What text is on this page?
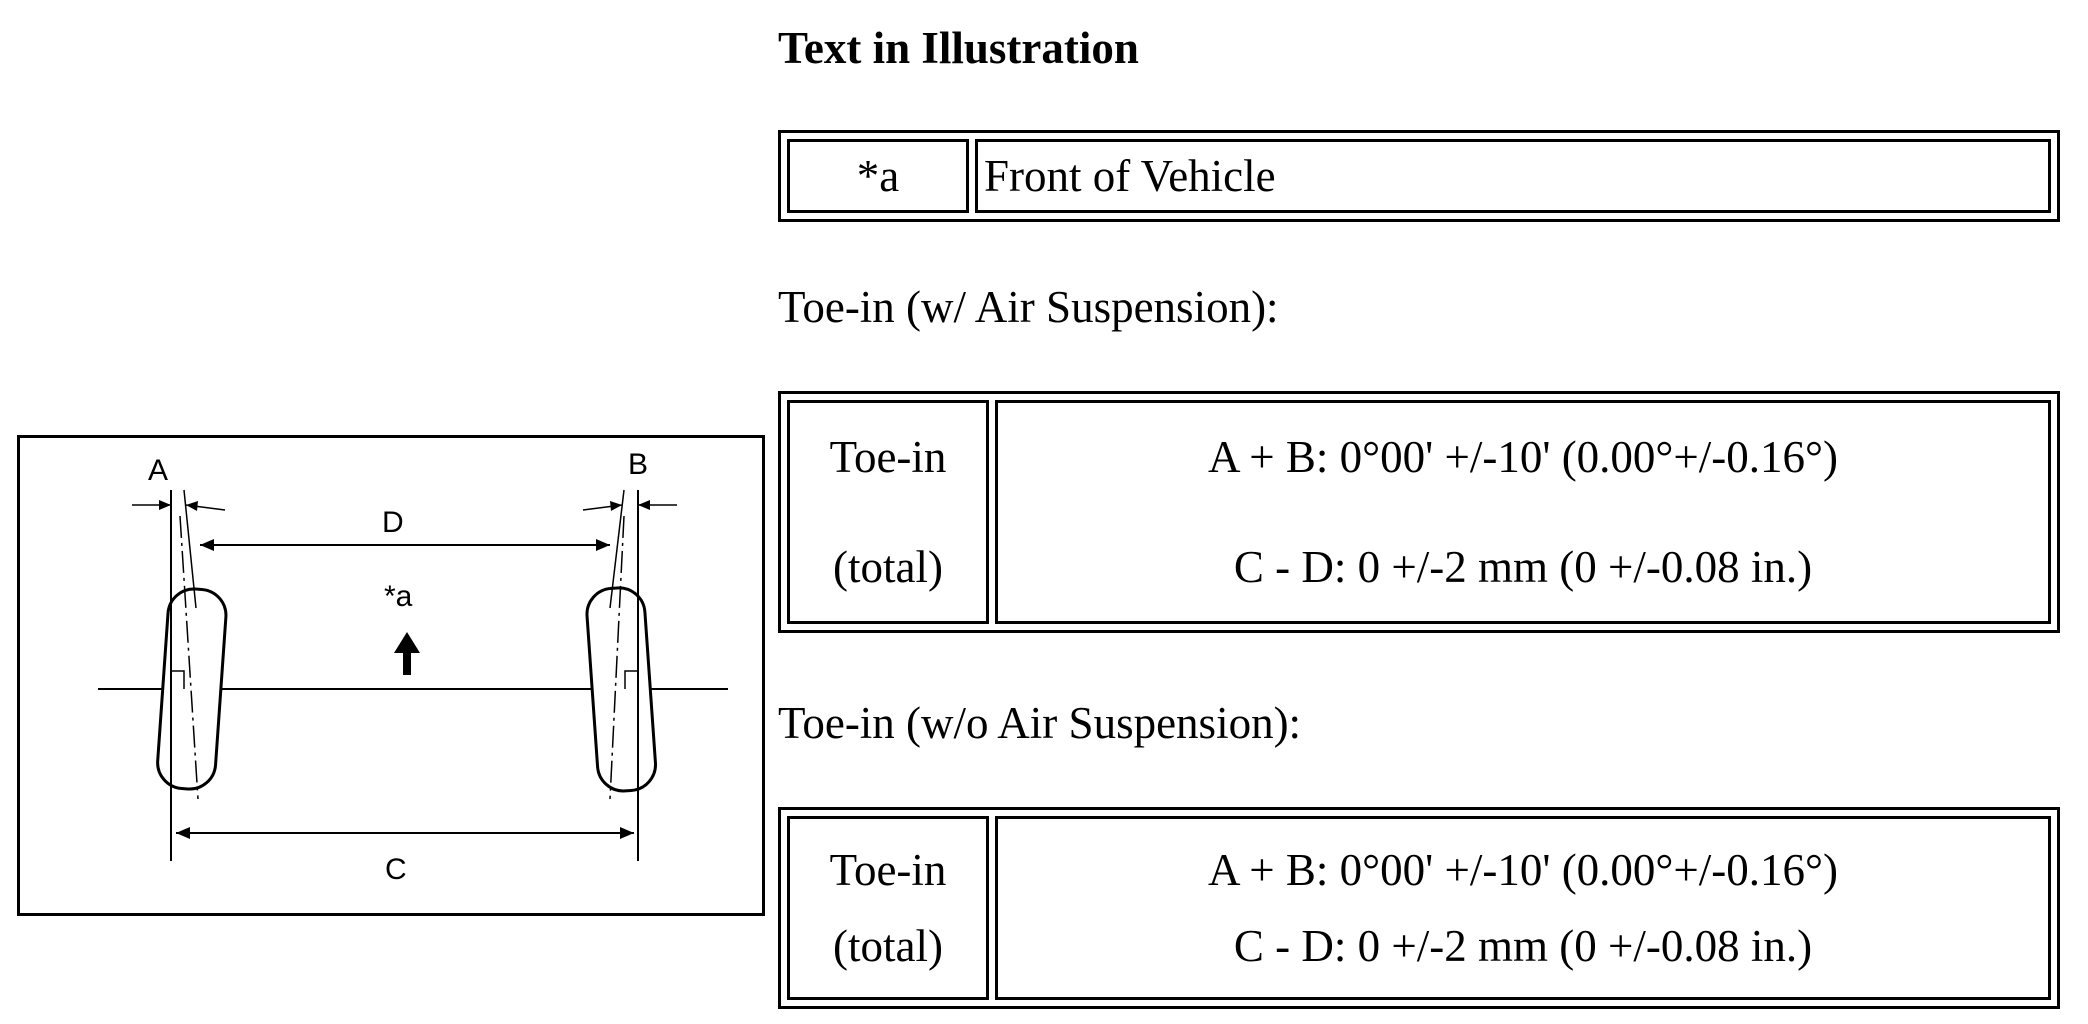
A	B
D
C
*a
Text in Illustration
*a	Front of Vehicle
Toe-in (w/ Air Suspension):
Toe-in
(total)

A + B: 0°00' +/-10' (0.00°+/-0.16°)
C - D: 0 +/-2 mm (0 +/-0.08 in.)
Toe-in (w/o Air Suspension):
Toe-in
(total)

A + B: 0°00' +/-10' (0.00°+/-0.16°)
C - D: 0 +/-2 mm (0 +/-0.08 in.)
